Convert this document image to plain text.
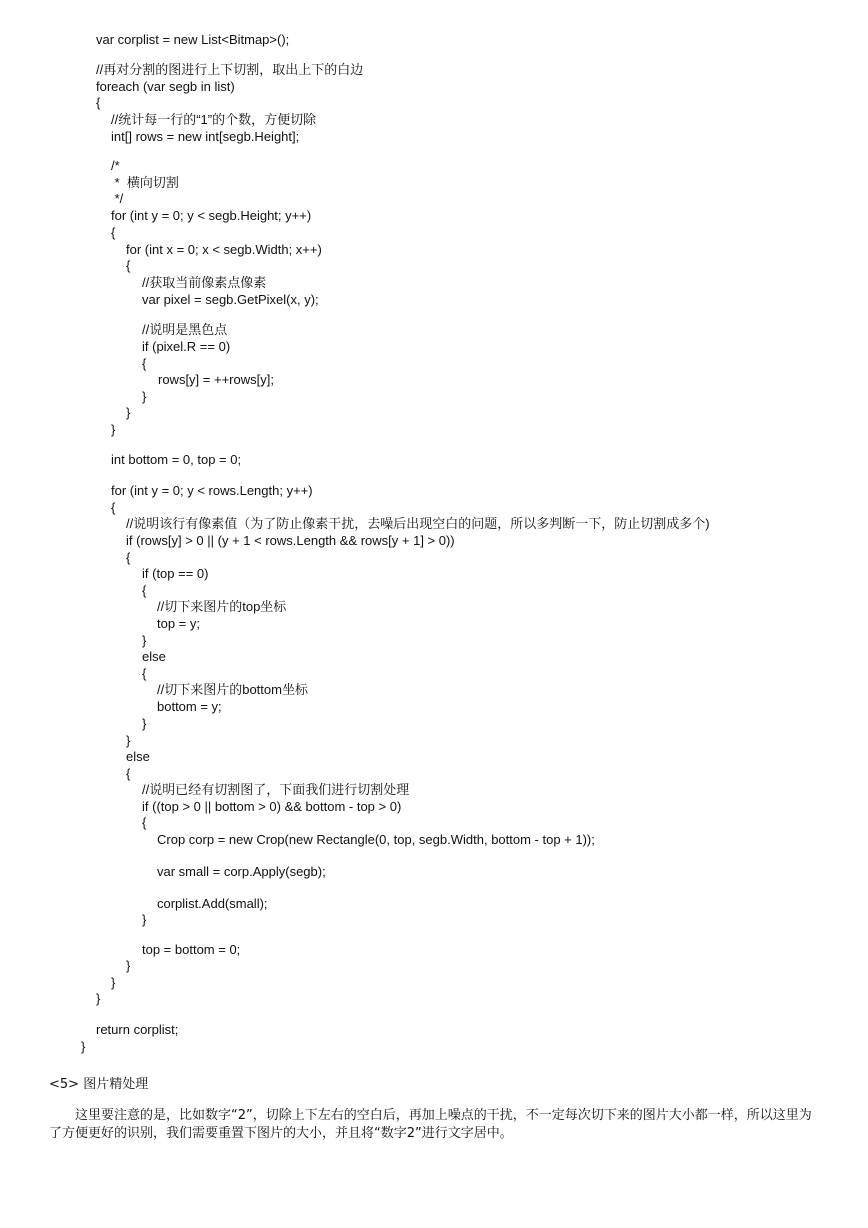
var corplist = new List<Bitmap>();
//再对分割的图进行上下切割，取出上下的白边
foreach (var segb in list)
{
//统计每一行的“1”的个数，方便切除
int[] rows = new int[segb.Height];
/*
*  横向切割
*/
for (int y = 0; y < segb.Height; y++)
{
for (int x = 0; x < segb.Width; x++)
{
//获取当前像素点像素
var pixel = segb.GetPixel(x, y);
//说明是黑色点
if (pixel.R == 0)
{
rows[y] = ++rows[y];
}
}
}
int bottom = 0, top = 0;
for (int y = 0; y < rows.Length; y++)
{
//说明该行有像素值（为了防止像素干扰，去噪后出现空白的问题，所以多判断一下，防止切割成多个)
if (rows[y] > 0 || (y + 1 < rows.Length && rows[y + 1] > 0))
{
if (top == 0)
{
//切下来图片的top坐标
top = y;
}
else
{
//切下来图片的bottom坐标
bottom = y;
}
}
else
{
//说明已经有切割图了，下面我们进行切割处理
if ((top > 0 || bottom > 0) && bottom - top > 0)
{
Crop corp = new Crop(new Rectangle(0, top, segb.Width, bottom - top + 1));
var small = corp.Apply(segb);
corplist.Add(small);
}
top = bottom = 0;
}
}
}
return corplist;
}
<5> 图片精处理
这里要注意的是，比如数字“2”，切除上下左右的空白后，再加上噪点的干扰，不一定每次切下来的图片大小都一样，所以这里为了方便更好的识别，我们需要重置下图片的大小，并且将“数字2”进行文字居中。
